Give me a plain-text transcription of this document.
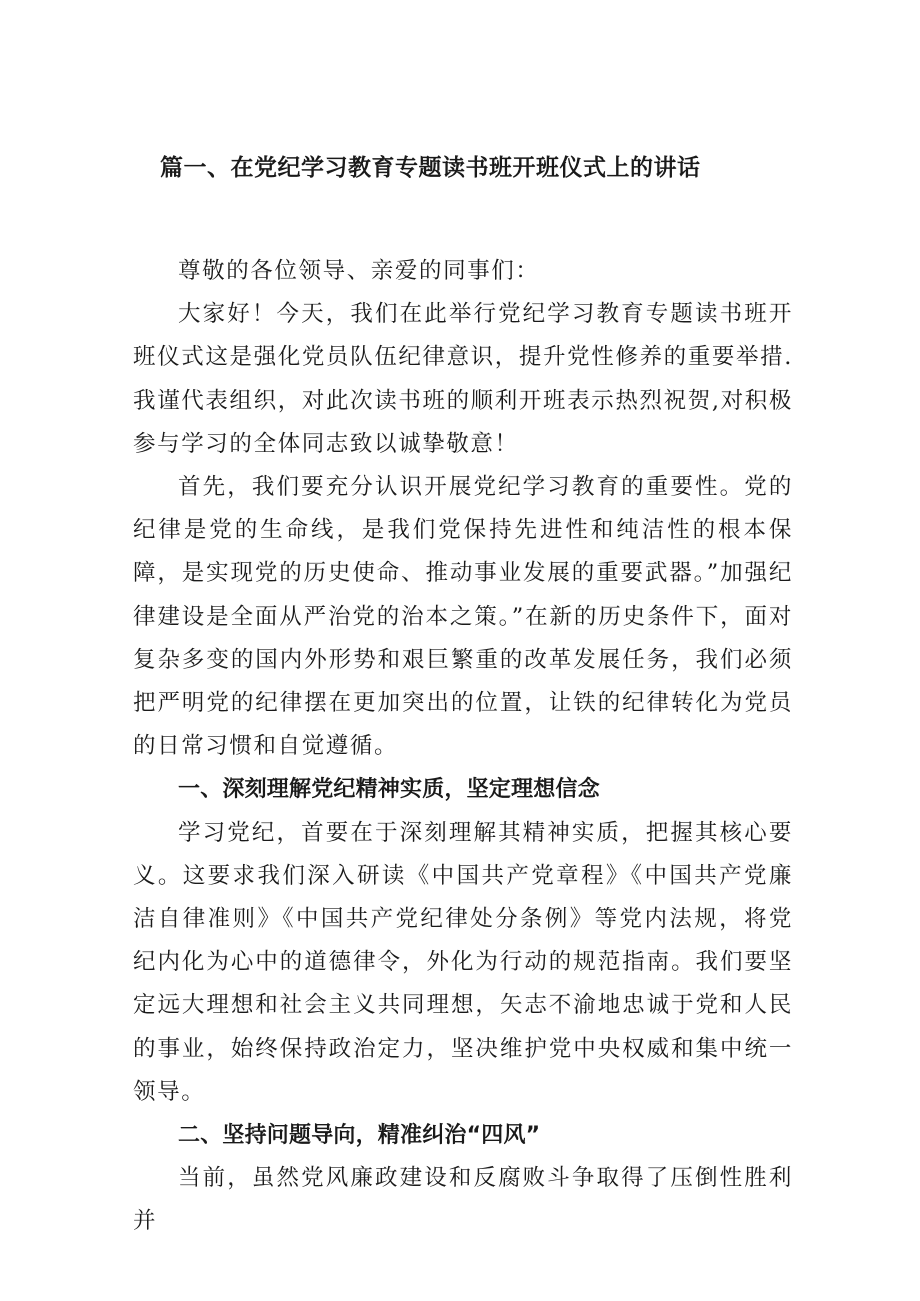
篇一、在党纪学习教育专题读书班开班仪式上的讲话

尊敬的各位领导、亲爱的同事们：

大家好！今天，我们在此举行党纪学习教育专题读书班开班仪式这是强化党员队伍纪律意识，提升党性修养的重要举措.我谨代表组织，对此次读书班的顺利开班表示热烈祝贺,对积极参与学习的全体同志致以诚挚敬意！

首先，我们要充分认识开展党纪学习教育的重要性。党的纪律是党的生命线，是我们党保持先进性和纯洁性的根本保障，是实现党的历史使命、推动事业发展的重要武器。”加强纪律建设是全面从严治党的治本之策。”在新的历史条件下，面对复杂多变的国内外形势和艰巨繁重的改革发展任务，我们必须把严明党的纪律摆在更加突出的位置，让铁的纪律转化为党员的日常习惯和自觉遵循。

一、深刻理解党纪精神实质，坚定理想信念

学习党纪，首要在于深刻理解其精神实质，把握其核心要义。这要求我们深入研读《中国共产党章程》《中国共产党廉洁自律准则》《中国共产党纪律处分条例》等党内法规，将党纪内化为心中的道德律令，外化为行动的规范指南。我们要坚定远大理想和社会主义共同理想，矢志不渝地忠诚于党和人民的事业，始终保持政治定力，坚决维护党中央权威和集中统一领导。

二、坚持问题导向，精准纠治“四风”

当前，虽然党风廉政建设和反腐败斗争取得了压倒性胜利并
